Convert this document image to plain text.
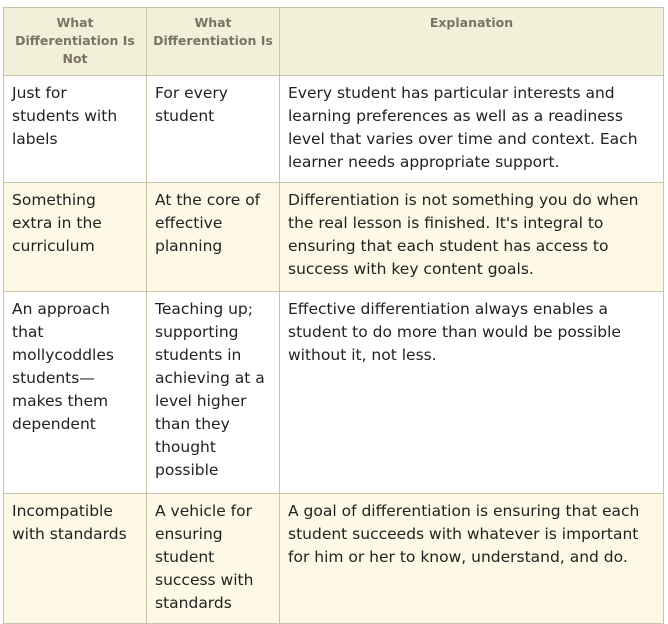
What Differentiation Is Not	What Differentiation Is	Explanation
Just for students with labels	For every student	Every student has particular interests and learning preferences as well as a readiness level that varies over time and context. Each learner needs appropriate support.
Something extra in the curriculum	At the core of effective planning	Differentiation is not something you do when the real lesson is finished. It's integral to ensuring that each student has access to success with key content goals.
An approach that mollycoddles students—makes them dependent	Teaching up; supporting students in achieving at a level higher than they thought possible	Effective differentiation always enables a student to do more than would be possible without it, not less.
Incompatible with standards	A vehicle for ensuring student success with standards	A goal of differentiation is ensuring that each student succeeds with whatever is important for him or her to know, understand, and do.
